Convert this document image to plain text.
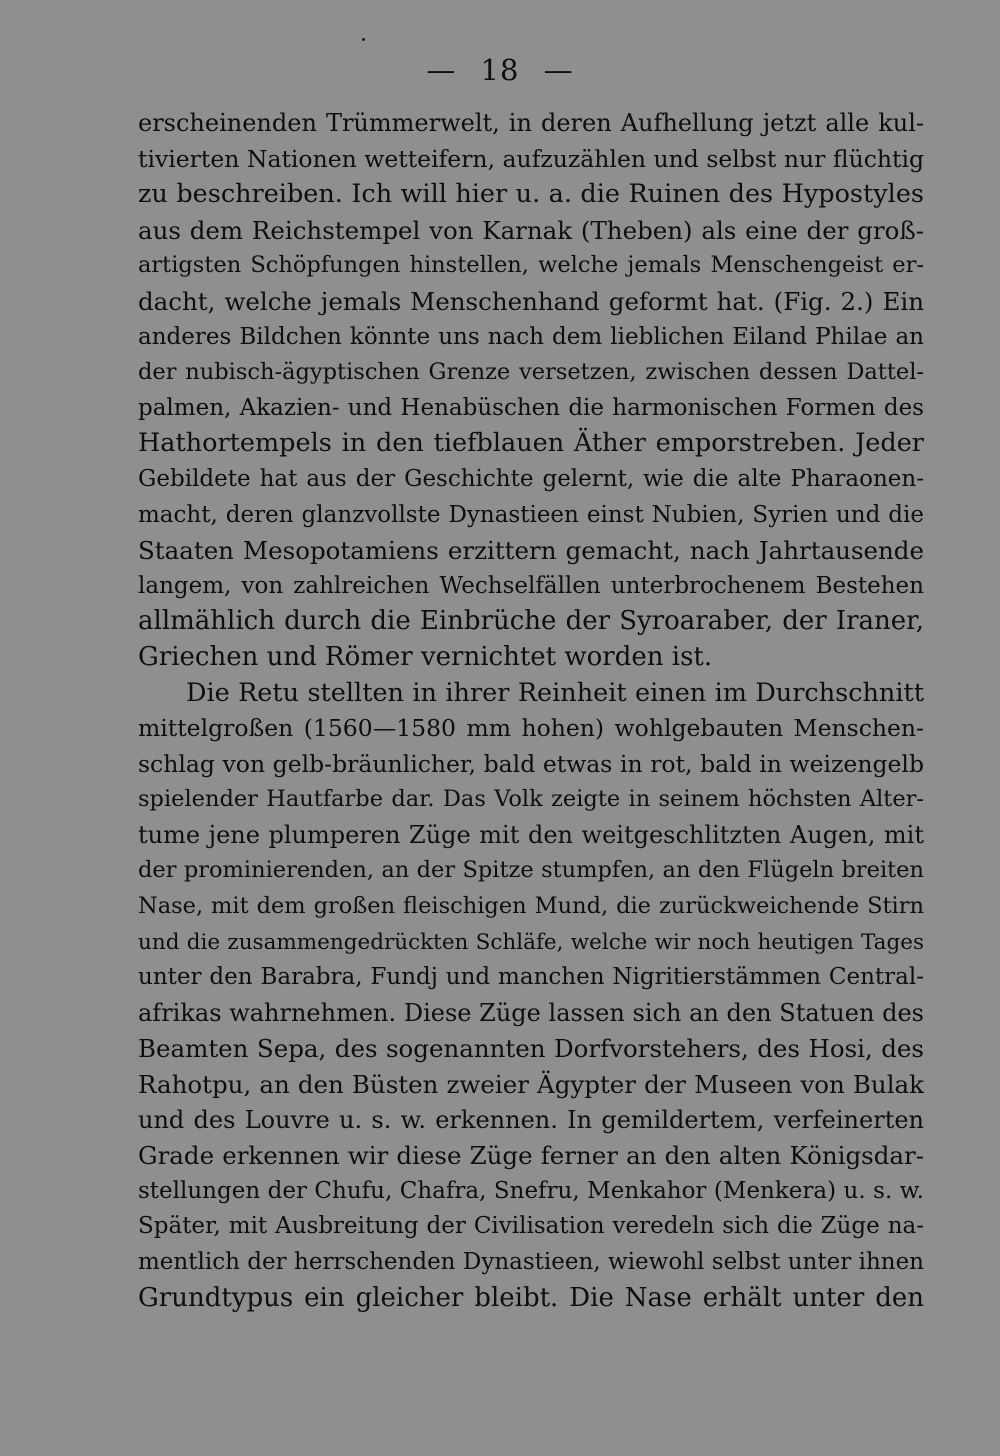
— 18 —
erscheinenden Trümmerwelt, in deren Aufhellung jetzt alle kul-
tivierten Nationen wetteifern, aufzuzählen und selbst nur flüchtig
zu beschreiben. Ich will hier u. a. die Ruinen des Hypostyles
aus dem Reichstempel von Karnak (Theben) als eine der groß-
artigsten Schöpfungen hinstellen, welche jemals Menschengeist er-
dacht, welche jemals Menschenhand geformt hat. (Fig. 2.) Ein
anderes Bildchen könnte uns nach dem lieblichen Eiland Philae an
der nubisch-ägyptischen Grenze versetzen, zwischen dessen Dattel-
palmen, Akazien- und Henabüschen die harmonischen Formen des
Hathortempels in den tiefblauen Äther emporstreben. Jeder
Gebildete hat aus der Geschichte gelernt, wie die alte Pharaonen-
macht, deren glanzvollste Dynastieen einst Nubien, Syrien und die
Staaten Mesopotamiens erzittern gemacht, nach Jahrtausende
langem, von zahlreichen Wechselfällen unterbrochenem Bestehen
allmählich durch die Einbrüche der Syroaraber, der Iraner,
Griechen und Römer vernichtet worden ist.
Die Retu stellten in ihrer Reinheit einen im Durchschnitt
mittelgroßen (1560—1580 mm hohen) wohlgebauten Menschen-
schlag von gelb-bräunlicher, bald etwas in rot, bald in weizengelb
spielender Hautfarbe dar. Das Volk zeigte in seinem höchsten Alter-
tume jene plumperen Züge mit den weitgeschlitzten Augen, mit
der prominierenden, an der Spitze stumpfen, an den Flügeln breiten
Nase, mit dem großen fleischigen Mund, die zurückweichende Stirn
und die zusammengedrückten Schläfe, welche wir noch heutigen Tages
unter den Barabra, Fundj und manchen Nigritierstämmen Central-
afrikas wahrnehmen. Diese Züge lassen sich an den Statuen des
Beamten Sepa, des sogenannten Dorfvorstehers, des Hosi, des
Rahotpu, an den Büsten zweier Ägypter der Museen von Bulak
und des Louvre u. s. w. erkennen. In gemildertem, verfeinerten
Grade erkennen wir diese Züge ferner an den alten Königsdar-
stellungen der Chufu, Chafra, Snefru, Menkahor (Menkera) u. s. w.
Später, mit Ausbreitung der Civilisation veredeln sich die Züge na-
mentlich der herrschenden Dynastieen, wiewohl selbst unter ihnen
Grundtypus ein gleicher bleibt. Die Nase erhält unter den
